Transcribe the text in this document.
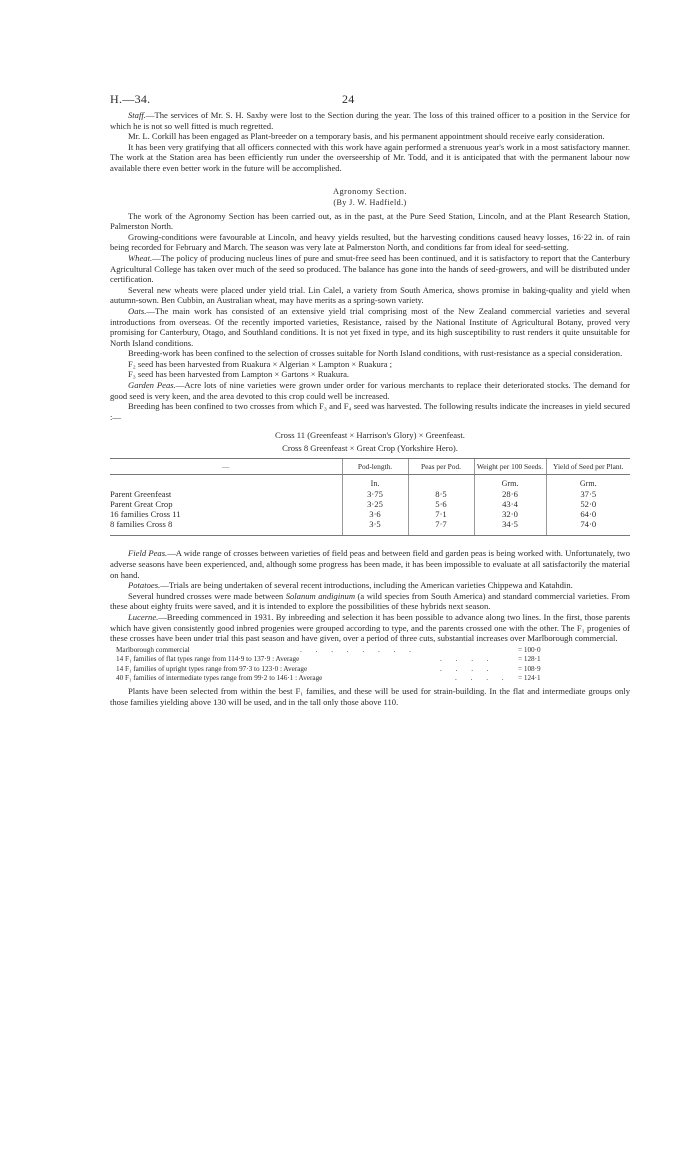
H.—34.	24

Staff.—The services of Mr. S. H. Saxby were lost to the Section during the year. The loss of this trained officer to a position in the Service for which he is not so well fitted is much regretted.

Mr. L. Corkill has been engaged as Plant-breeder on a temporary basis, and his permanent appointment should receive early consideration.

It has been very gratifying that all officers connected with this work have again performed a strenuous year's work in a most satisfactory manner. The work at the Station area has been efficiently run under the overseership of Mr. Todd, and it is anticipated that with the permanent labour now available there even better work in the future will be accomplished.

Agronomy Section.
(By J. W. Hadfield.)

The work of the Agronomy Section has been carried out, as in the past, at the Pure Seed Station, Lincoln, and at the Plant Research Station, Palmerston North.

Growing-conditions were favourable at Lincoln, and heavy yields resulted, but the harvesting conditions caused heavy losses, 16·22 in. of rain being recorded for February and March. The season was very late at Palmerston North, and conditions far from ideal for seed-setting.

Wheat.—The policy of producing nucleus lines of pure and smut-free seed has been continued, and it is satisfactory to report that the Canterbury Agricultural College has taken over much of the seed so produced. The balance has gone into the hands of seed-growers, and will be distributed under certification.

Several new wheats were placed under yield trial. Lin Calel, a variety from South America, shows promise in baking-quality and yield when autumn-sown. Ben Cubbin, an Australian wheat, may have merits as a spring-sown variety.

Oats.—The main work has consisted of an extensive yield trial comprising most of the New Zealand commercial varieties and several introductions from overseas. Of the recently imported varieties, Resistance, raised by the National Institute of Agricultural Botany, proved very promising for Canterbury, Otago, and Southland conditions. It is not yet fixed in type, and its high susceptibility to rust renders it quite unsuitable for North Island conditions.

Breeding-work has been confined to the selection of crosses suitable for North Island conditions, with rust-resistance as a special consideration.

F₂ seed has been harvested from Ruakura × Algerian × Lampton × Ruakura ;

F₃ seed has been harvested from Lampton × Gartons × Ruakura.

Garden Peas.—Acre lots of nine varieties were grown under order for various merchants to replace their deteriorated stocks. The demand for good seed is very keen, and the area devoted to this crop could well be increased.

Breeding has been confined to two crosses from which F₃ and F₄ seed was harvested. The following results indicate the increases in yield secured :—

Cross 11 (Greenfeast × Harrison's Glory) × Greenfeast.
Cross 8 Greenfeast × Great Crop (Yorkshire Hero).
—	Pod-length.	Peas per Pod.	Weight per 100 Seeds.	Yield of Seed per Plant.
	In.		Grm.	Grm.
Parent Greenfeast	3·75	8·5	28·6	37·5
Parent Great Crop	3·25	5·6	43·4	52·0
16 families Cross 11	3·6	7·1	32·0	64·0
8 families Cross 8	3·5	7·7	34·5	74·0

Field Peas.—A wide range of crosses between varieties of field peas and between field and garden peas is being worked with. Unfortunately, two adverse seasons have been experienced, and, although some progress has been made, it has been impossible to evaluate at all satisfactorily the material on hand.

Potatoes.—Trials are being undertaken of several recent introductions, including the American varieties Chippewa and Katahdin.

Several hundred crosses were made between Solanum andiginum (a wild species from South America) and standard commercial varieties. From these about eighty fruits were saved, and it is intended to explore the possibilities of these hybrids next season.

Lucerne.—Breeding commenced in 1931. By inbreeding and selection it has been possible to advance along two lines. In the first, those parents which have given consistently good inbred progenies were grouped according to type, and the parents crossed one with the other. The F₁ progenies of these crosses have been under trial this past season and have given, over a period of three cuts, substantial increases over Marlborough commercial.

Marlborough commercial	. . . . . . . .	= 100·0
14 F₁ families of flat types range from 114·9 to 137·9 : Average	. . . .	= 128·1
14 F₁ families of upright types range from 97·3 to 123·0 : Average	. . . .	= 108·9
40 F₁ families of intermediate types range from 99·2 to 146·1 : Average	. . . . = 124·1

Plants have been selected from within the best F₁ families, and these will be used for strain-building. In the flat and intermediate groups only those families yielding above 130 will be used, and in the tall only those above 110.
